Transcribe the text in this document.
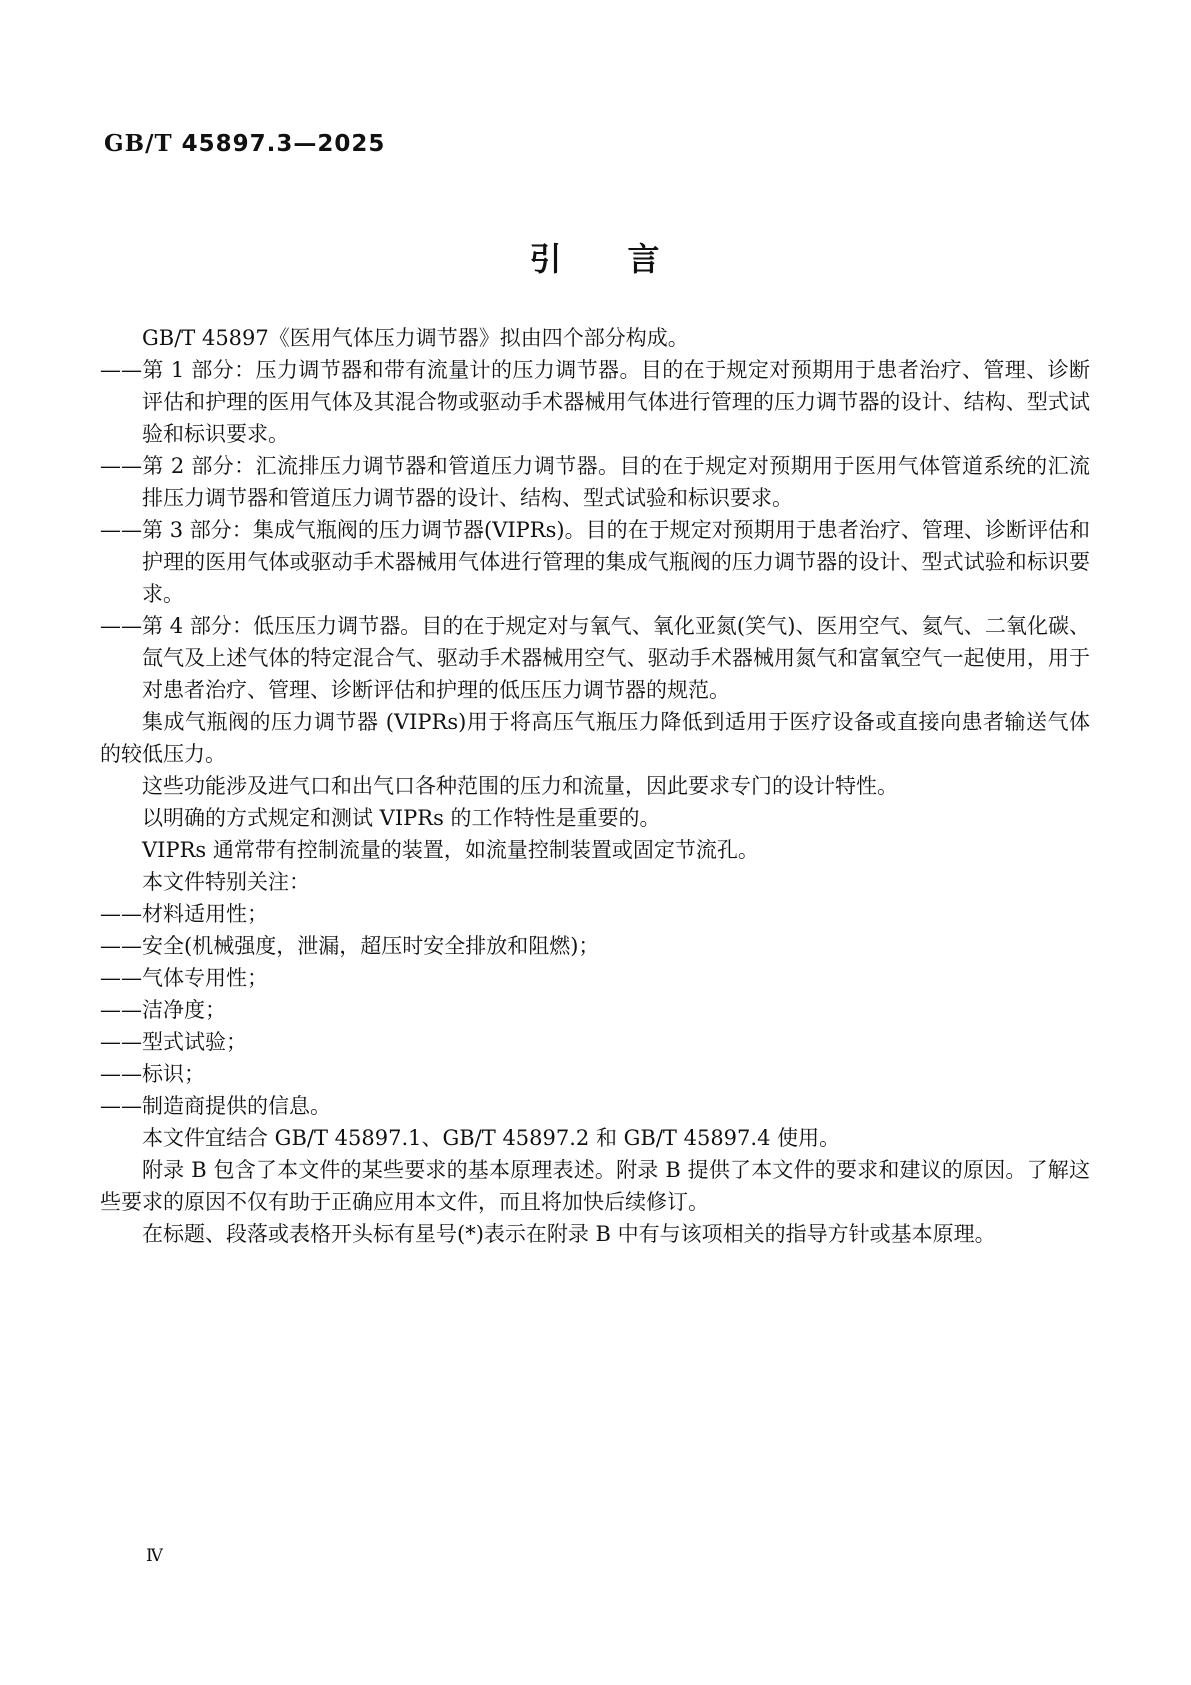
GB/T 45897.3—2025
引 言
GB/T 45897《医用气体压力调节器》拟由四个部分构成。
——第 1 部分：压力调节器和带有流量计的压力调节器。目的在于规定对预期用于患者治疗、管理、诊断评估和护理的医用气体及其混合物或驱动手术器械用气体进行管理的压力调节器的设计、结构、型式试验和标识要求。
——第 2 部分：汇流排压力调节器和管道压力调节器。目的在于规定对预期用于医用气体管道系统的汇流排压力调节器和管道压力调节器的设计、结构、型式试验和标识要求。
——第 3 部分：集成气瓶阀的压力调节器(VIPRs)。目的在于规定对预期用于患者治疗、管理、诊断评估和护理的医用气体或驱动手术器械用气体进行管理的集成气瓶阀的压力调节器的设计、型式试验和标识要求。
——第 4 部分：低压压力调节器。目的在于规定对与氧气、氧化亚氮(笑气)、医用空气、氦气、二氧化碳、氙气及上述气体的特定混合气、驱动手术器械用空气、驱动手术器械用氮气和富氧空气一起使用，用于对患者治疗、管理、诊断评估和护理的低压压力调节器的规范。
集成气瓶阀的压力调节器 (VIPRs)用于将高压气瓶压力降低到适用于医疗设备或直接向患者输送气体的较低压力。
这些功能涉及进气口和出气口各种范围的压力和流量，因此要求专门的设计特性。
以明确的方式规定和测试 VIPRs 的工作特性是重要的。
VIPRs 通常带有控制流量的装置，如流量控制装置或固定节流孔。
本文件特别关注：
——材料适用性；
——安全(机械强度，泄漏，超压时安全排放和阻燃)；
——气体专用性；
——洁净度；
——型式试验；
——标识；
——制造商提供的信息。
本文件宜结合 GB/T 45897.1、GB/T 45897.2 和 GB/T 45897.4 使用。
附录 B 包含了本文件的某些要求的基本原理表述。附录 B 提供了本文件的要求和建议的原因。了解这些要求的原因不仅有助于正确应用本文件，而且将加快后续修订。
在标题、段落或表格开头标有星号(*)表示在附录 B 中有与该项相关的指导方针或基本原理。
Ⅳ
